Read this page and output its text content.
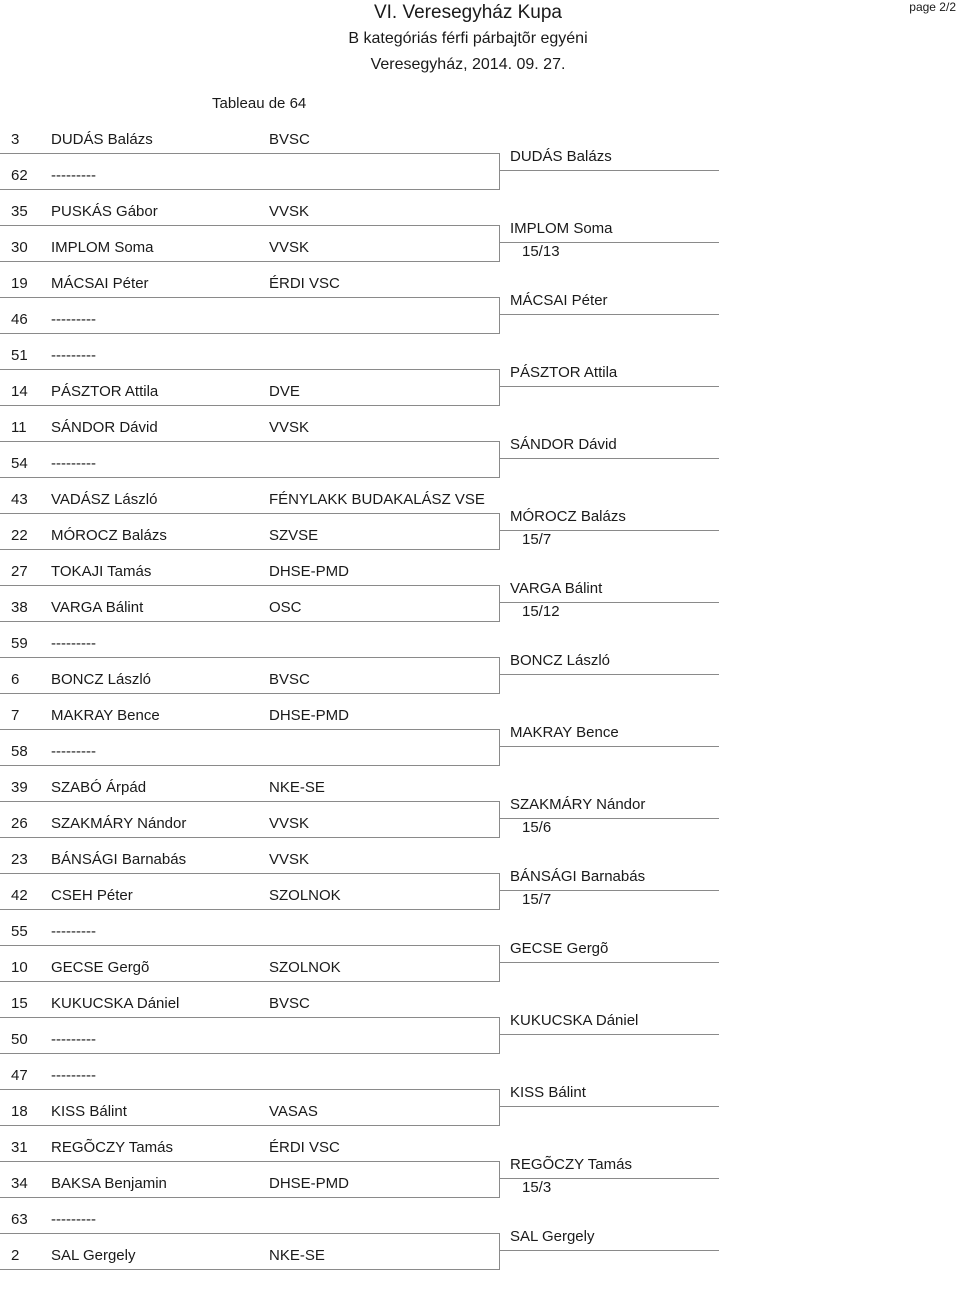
VI. Veresegyház Kupa
B kategóriás férfi párbajtõr egyéni
Veresegyház, 2014. 09. 27.
page 2/2
Tableau de 64
3 DUDÁS Balázs	BVSC
62 ---------
35 PUSKÁS Gábor	VVSK
30 IMPLOM Soma	VVSK
19 MÁCSAI Péter	ÉRDI VSC
46 ---------
51 ---------
14 PÁSZTOR Attila	DVE
11 SÁNDOR Dávid	VVSK
54 ---------
43 VADÁSZ László	FÉNYLAKK BUDAKALÁSZ VSE
22 MÓROCZ Balázs	SZVSE
27 TOKAJI Tamás	DHSE-PMD
38 VARGA Bálint	OSC
59 ---------
6 BONCZ László	BVSC
7 MAKRAY Bence	DHSE-PMD
58 ---------
39 SZABÓ Árpád	NKE-SE
26 SZAKMÁRY Nándor	VVSK
23 BÁNSÁGI Barnabás	VVSK
42 CSEH Péter	SZOLNOK
55 ---------
10 GECSE Gergõ	SZOLNOK
15 KUKUCSKA Dániel	BVSC
50 ---------
47 ---------
18 KISS Bálint	VASAS
31 REGÕCZY Tamás	ÉRDI VSC
34 BAKSA Benjamin	DHSE-PMD
63 ---------
2 SAL Gergely	NKE-SE
DUDÁS Balázs
IMPLOM Soma
15/13
MÁCSAI Péter
PÁSZTOR Attila
SÁNDOR Dávid
MÓROCZ Balázs
15/7
VARGA Bálint
15/12
BONCZ László
MAKRAY Bence
SZAKMÁRY Nándor
15/6
BÁNSÁGI Barnabás
15/7
GECSE Gergõ
KUKUCSKA Dániel
KISS Bálint
REGÕCZY Tamás
15/3
SAL Gergely
